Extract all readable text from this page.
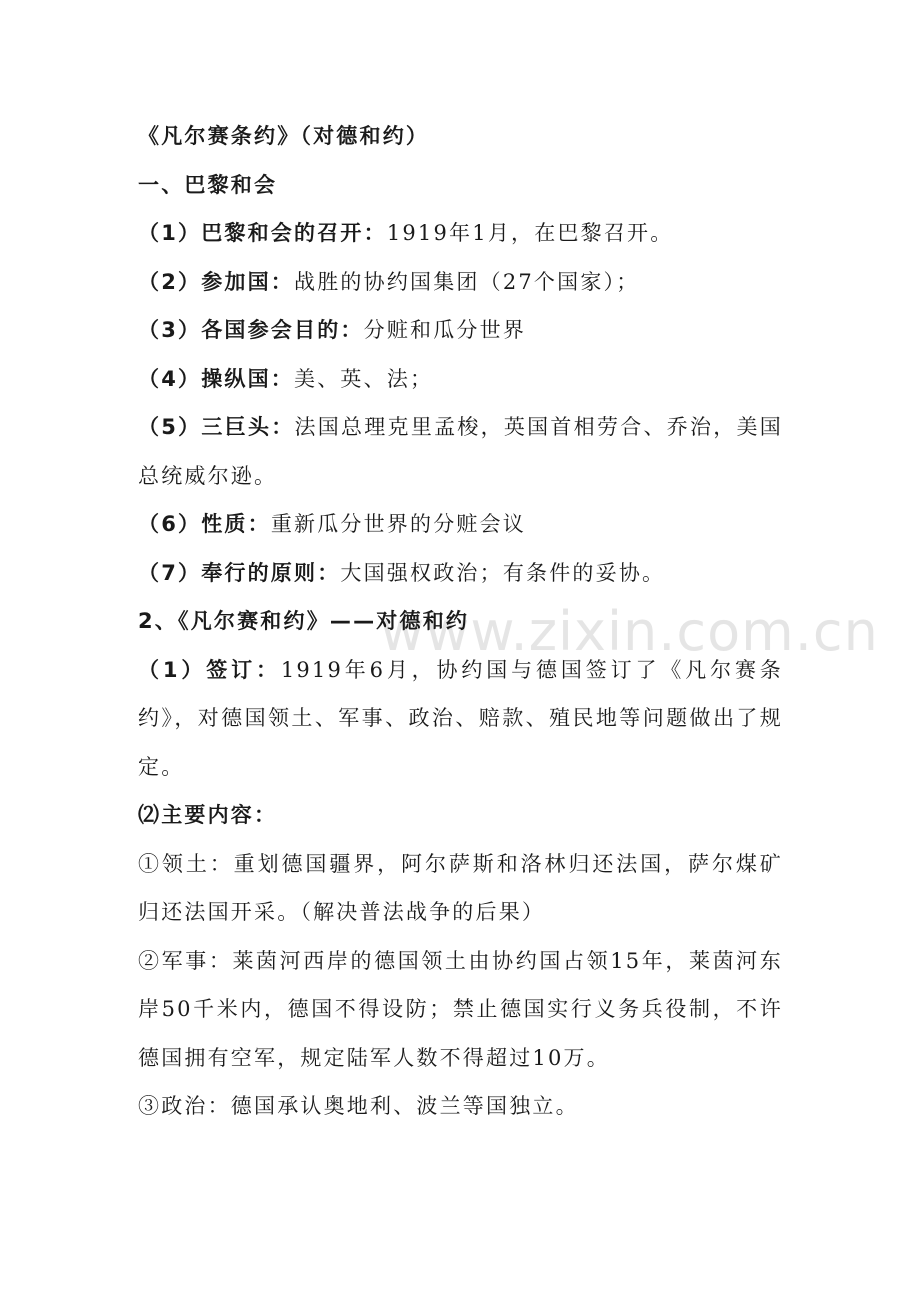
www.zixin.com.cn
《凡尔赛条约》（对德和约）
一、巴黎和会
（1）巴黎和会的召开：1919年1月，在巴黎召开。
（2）参加国：战胜的协约国集团（27个国家）；
（3）各国参会目的：分赃和瓜分世界
（4）操纵国：美、英、法；
（5）三巨头：法国总理克里孟梭，英国首相劳合、乔治，美国总统威尔逊。
（6）性质：重新瓜分世界的分赃会议
（7）奉行的原则：大国强权政治；有条件的妥协。
2、《凡尔赛和约》——对德和约
（1）签订：1919年6月，协约国与德国签订了《凡尔赛条约》，对德国领土、军事、政治、赔款、殖民地等问题做出了规定。
⑵主要内容：
①领土：重划德国疆界，阿尔萨斯和洛林归还法国，萨尔煤矿归还法国开采。（解决普法战争的后果）
②军事：莱茵河西岸的德国领土由协约国占领15年，莱茵河东岸50千米内，德国不得设防；禁止德国实行义务兵役制，不许德国拥有空军，规定陆军人数不得超过10万。
③政治：德国承认奥地利、波兰等国独立。
